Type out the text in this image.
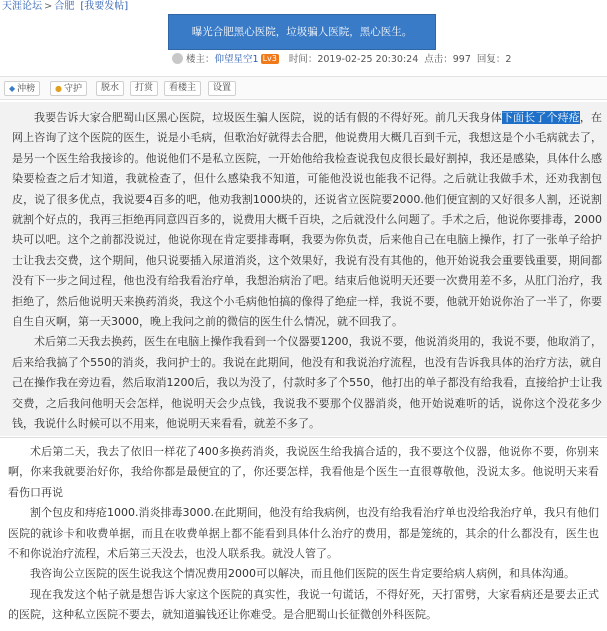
天涯论坛 > 合肥 [我要发帖]
曝光合肥黑心医院，垃圾骗人医院，黑心医生。
楼主：仰望星空1 Lv3 时间：2019-02-25 20:30:24 点击：997 回复：2
◆ 沖榜	● 守护	脱水	打赏	看楼主	设置

我要告诉大家合肥蜀山区黑心医院，垃圾医生骗人医院，说的话有假的不得好死。前几天我身体下面长了个痔疮，在网上咨询了这个医院的医生，说是小毛病，但歌治好就得去合肥，他说费用大概几百到千元，我想这是个小毛病就去了，是另一个医生给我接诊的。他说他们不是私立医院，一开始他给我检查说我包皮很长最好割掉，我还是感染，具体什么感染要检查之后才知道，我就检查了，但什么感染我不知道，可能他没说也能我不记得。之后就让我做手术，还劝我割包皮，说了很多优点，我说要4百多的吧，他劝我割1000块的，还说省立医院要2000.他们便宜割的又好很多人割，还说割就割个好点的，我再三拒绝再同意四百多的，说费用大概千百块，之后就没什么问题了。手术之后，他说你要排毒，2000块可以吧。这个之前都没说过，他说你现在肯定要排毒啊，我要为你负责，后来他自己在电脑上操作，打了一张单子给护士让我去交费，这个期间，他只说要插入尿道消炎，这个效果好，我说有没有其他的，他开始说我会重要钱重要，期间都没有下一步之间过程，他也没有给我看治疗单，我想治病治了吧。结束后他说明天还要一次费用差不多，从肛门治疗，我拒绝了，然后他说明天来换药消炎，我这个小毛病他怕搞的像得了绝症一样，我说不要，他就开始说你治了一半了，你要自生自灭啊，第一天3000，晚上我问之前的微信的医生什么情况，就不回我了。

术后第二天我去换药，医生在电脑上操作我看到一个仪器要1200，我说不要，他说消炎用的，我说不要，他取消了，后来给我搞了个550的消炎，我问护士的。我说在此期间，他没有和我说治疗流程，也没有告诉我具体的治疗方法，就自己在操作我在旁边看，然后取消1200后，我以为没了，付款时多了个550，他打出的单子都没有给我看，直接给护士让我交费，之后我问他明天会怎样，他说明天会少点钱，我说我不要那个仪器消炎，他开始说难听的话，说你这个没花多少钱，我说什么时候可以不用来，他说明天来看看，就差不多了。

术后第二天，我去了依旧一样花了400多换药消炎，我说医生给我搞合适的，我不要这个仪器，他说你不要，你别来啊，你来我就要治好你，我给你都是最便宜的了，你还要怎样，我看他是个医生一直很尊敬他，没说太多。他说明天来看看伤口再说

割个包皮和痔疮1000.消炎排毒3000.在此期间，他没有给我病例，也没有给我看治疗单也没给我治疗单，我只有他们医院的就诊卡和收费单据，而且在收费单据上都不能看到具体什么治疗的费用，都是笼统的，其余的什么都没有，医生也不和你说治疗流程，术后第三天没去，也没人联系我。就没人管了。

我咨询公立医院的医生说我这个情况费用2000可以解决，而且他们医院的医生肯定要给病人病例，和具体沟通。

现在我发这个帖子就是想告诉大家这个医院的真实性，我说一句谎话，不得好死，天打雷劈，大家看病还是要去正式的医院，这种私立医院不要去，就知道骗钱还让你难受。是合肥蜀山长征微创外科医院。
